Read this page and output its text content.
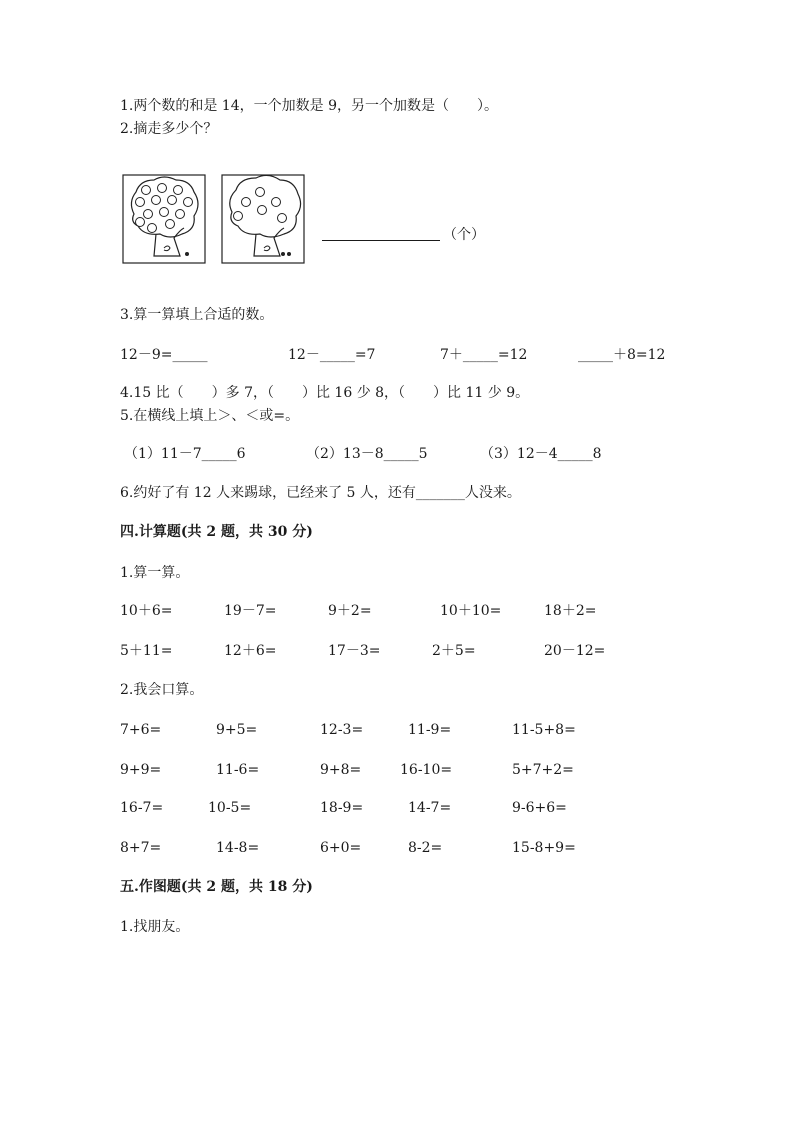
1.两个数的和是 14，一个加数是 9，另一个加数是（　　）。
2.摘走多少个？
（个）
3.算一算填上合适的数。
12－9=_____	12－_____=7	7＋_____=12	_____＋8=12
4.15 比（　　）多 7，（　　）比 16 少 8，（　　）比 11 少 9。
5.在横线上填上＞、＜或=。
（1）11－7_____6	（2）13－8_____5	（3）12－4_____8
6.约好了有 12 人来踢球，已经来了 5 人，还有_______人没来。
四.计算题(共 2 题，共 30 分)
1.算一算。
10＋6=	19－7=	9＋2=	10＋10=	18＋2=
5＋11=	12＋6=	17－3=	2＋5=	20－12=
2.我会口算。
7+6=	9+5=	12-3=	11-9=	11-5+8=
9+9=	11-6=	9+8=	16-10=	5+7+2=
16-7=	10-5=	18-9=	14-7=	9-6+6=
8+7=	14-8=	6+0=	8-2=	15-8+9=
五.作图题(共 2 题，共 18 分)
1.找朋友。
